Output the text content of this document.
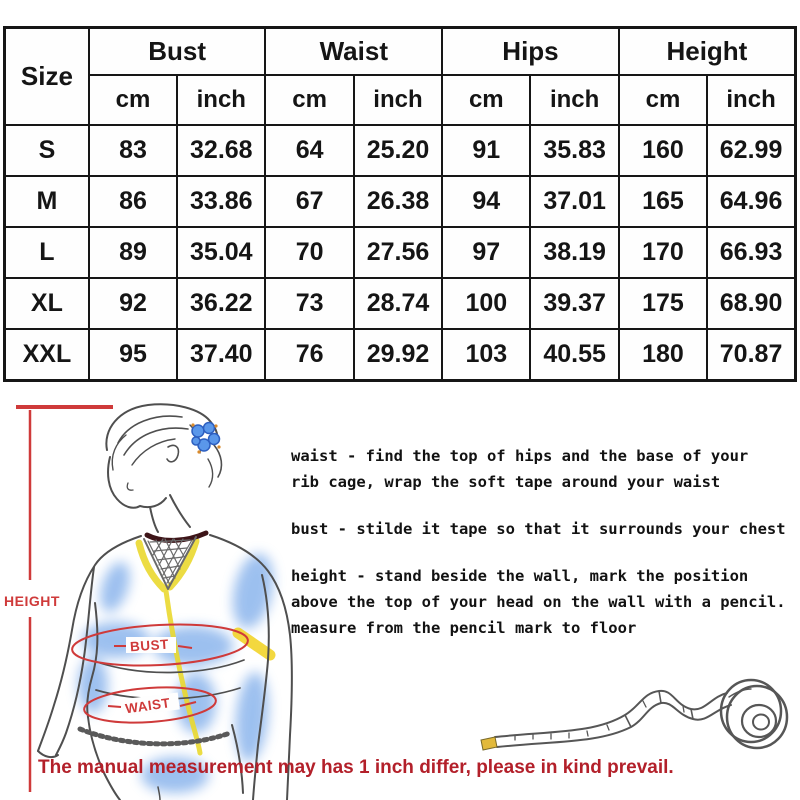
Size	Bust		Waist		Hips		Height	
	cm	inch	cm	inch	cm	inch	cm	inch
S	83	32.68	64	25.20	91	35.83	160	62.99
M	86	33.86	67	26.38	94	37.01	165	64.96
L	89	35.04	70	27.56	97	38.19	170	66.93
XL	92	36.22	73	28.74	100	39.37	175	68.90
XXL	95	37.40	76	29.92	103	40.55	180	70.87
HEIGHT
BUST
WAIST
waist - find the top of hips and the base of your
rib cage, wrap the soft tape around your waist
bust - stilde it tape so that it surrounds your chest
height - stand beside the wall, mark the position
above the top of your head on the wall with a pencil.
measure from the pencil mark to floor
The manual measurement may has 1 inch differ, please in kind prevail.
